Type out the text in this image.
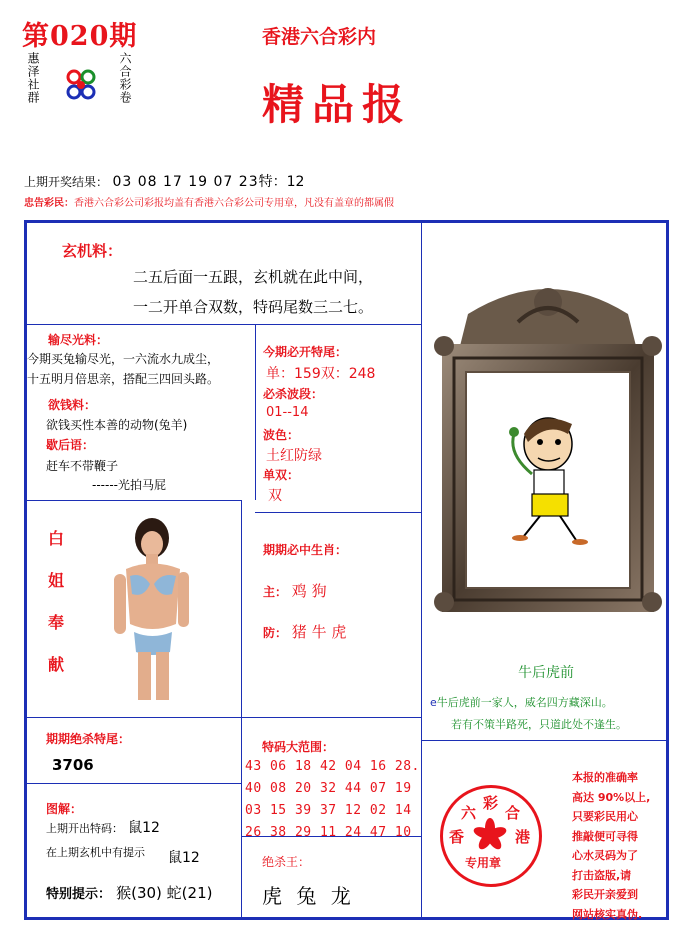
第020期
惠泽社群	六合彩卷
香港六合彩内
精品报
上期开奖结果： 03 08 17 19 07 23特：12
忠告彩民：香港六合彩公司彩报均盖有香港六合彩公司专用章，凡没有盖章的都属假
玄机料：
二五后面一五跟，玄机就在此中间，
一二开单合双数，特码尾数三二七。
输尽光料：
今期买兔输尽光，一六流水九成尘，
十五明月倍思亲，搭配三四回头路。
欲钱料：
欲钱买性本善的动物(兔羊)
歇后语：
赶车不带鞭子
------光拍马屁
今期必开特尾：
单：159双：248
必杀波段：
01--14
波色：
土红防绿
单双：
双
白
姐
奉
献
期期必中生肖：
主： 鸡 狗
防： 猪 牛 虎
牛后虎前
e牛后虎前一家人，威名四方藏深山。
若有不策半路死，只道此处不逢生。
期期绝杀特尾：
3706
特码大范围：
43 06 18 42 04 16 28.
40 08 20 32 44 07 19
03 15 39 37 12 02 14
26 38 29 11 24 47 10
图解：
上期开出特码： 鼠12
在上期玄机中有提示 鼠12
特别提示： 猴(30) 蛇(21)
绝杀王：
虎 兔 龙
六
彩
合
香	港
专用章
本报的准确率
高达 90%以上,
只要彩民用心
推敲便可寻得
心水灵码为了
打击盗版,请
彩民开亲爱到
网站核实真伪.
